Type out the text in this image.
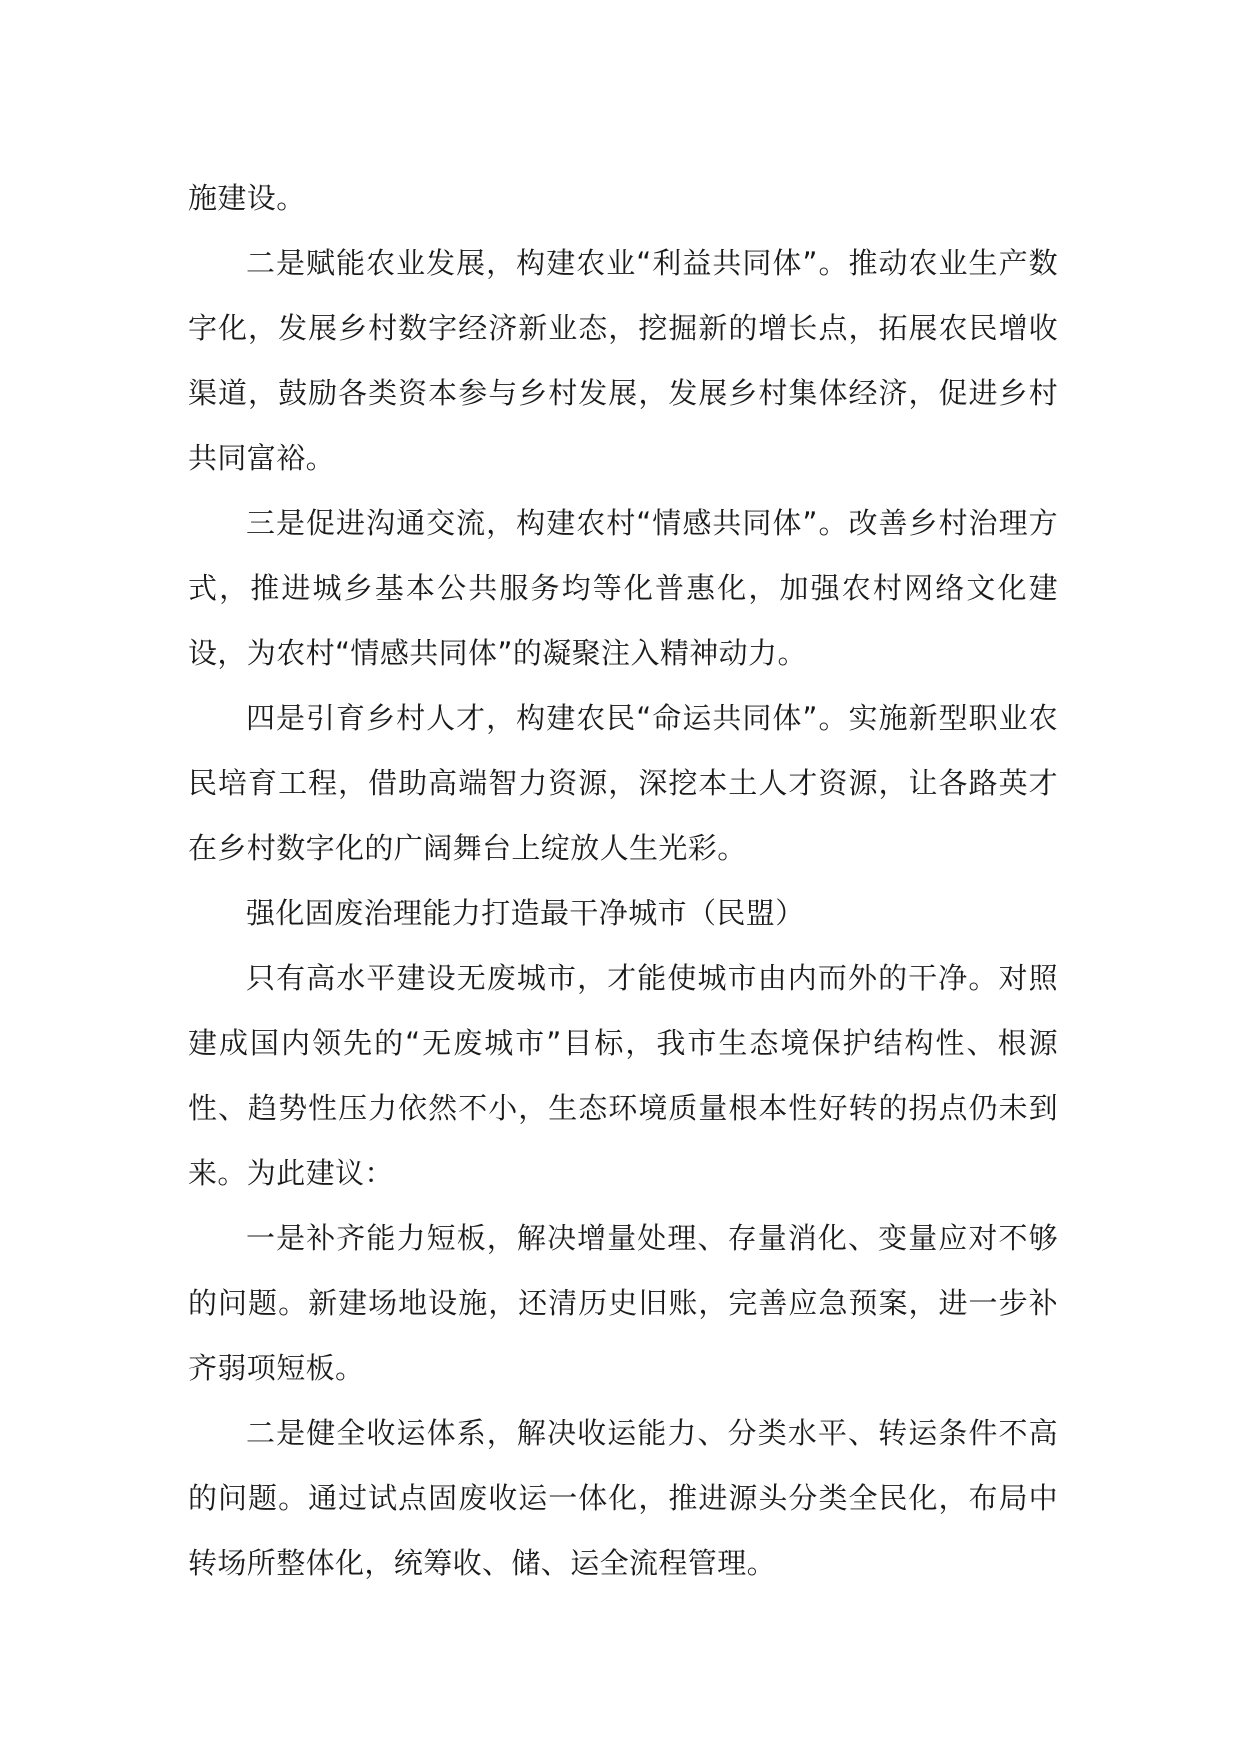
施建设。

二是赋能农业发展，构建农业“利益共同体”。推动农业生产数字化，发展乡村数字经济新业态，挖掘新的增长点，拓展农民增收渠道，鼓励各类资本参与乡村发展，发展乡村集体经济，促进乡村共同富裕。

三是促进沟通交流，构建农村“情感共同体”。改善乡村治理方式，推进城乡基本公共服务均等化普惠化，加强农村网络文化建设，为农村“情感共同体”的凝聚注入精神动力。

四是引育乡村人才，构建农民“命运共同体”。实施新型职业农民培育工程，借助高端智力资源，深挖本土人才资源，让各路英才在乡村数字化的广阔舞台上绽放人生光彩。

强化固废治理能力打造最干净城市（民盟）

只有高水平建设无废城市，才能使城市由内而外的干净。对照建成国内领先的“无废城市”目标，我市生态境保护结构性、根源性、趋势性压力依然不小，生态环境质量根本性好转的拐点仍未到来。为此建议：

一是补齐能力短板，解决增量处理、存量消化、变量应对不够的问题。新建场地设施，还清历史旧账，完善应急预案，进一步补齐弱项短板。

二是健全收运体系，解决收运能力、分类水平、转运条件不高的问题。通过试点固废收运一体化，推进源头分类全民化，布局中转场所整体化，统筹收、储、运全流程管理。
